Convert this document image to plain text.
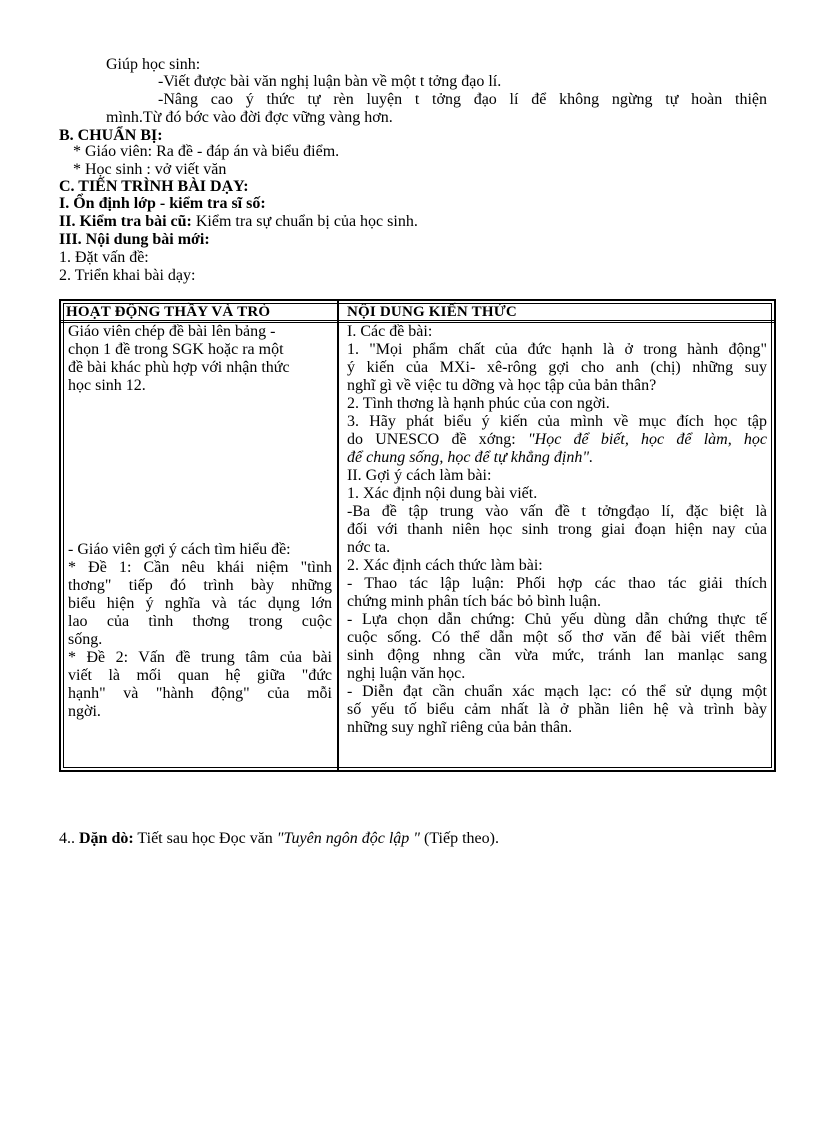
Giúp học sinh:
-Viết được bài văn nghị luận bàn về một t tởng đạo lí.
-Nâng cao ý thức tự rèn luyện t tởng đạo lí để không ngừng tự hoàn thiện
mình.Từ đó bớc vào đời đợc vững vàng hơn.
B. CHUẨN BỊ:
* Giáo viên: Ra đề - đáp án và biểu điểm.
* Học sinh : vở viết văn
C. TIẾN TRÌNH BÀI DẠY:
I. Ổn định lớp - kiểm tra sĩ số:
II. Kiểm tra bài cũ: Kiểm tra sự chuẩn bị của học sinh.
III. Nội dung bài mới:
1. Đặt vấn đề:
2. Triển khai bài dạy:
HOẠT ĐỘNG THẦY VÀ TRÒ	NỘI DUNG KIẾN THỨC

Giáo viên chép đề bài lên bảng -

chọn 1 đề trong SGK hoặc ra một

đề bài khác phù hợp với nhận thức

học sinh 12.

- Giáo viên gợi ý cách tìm hiểu đề:

* Đề 1: Cần nêu khái niệm "tình

thơng" tiếp đó trình bày những

biểu hiện ý nghĩa và tác dụng lớn

lao của tình thơng trong cuộc

sống.

* Đề 2: Vấn đề trung tâm của bài

viết là mối quan hệ giữa "đức

hạnh" và "hành động" của mỗi

ngời.

I. Các đề bài:

1. "Mọi phẩm chất của đức hạnh là ở trong hành động"

ý kiến của MXi- xê-rông gợi cho anh (chị) những suy

nghĩ gì về việc tu dỡng và học tập của bản thân?

2. Tình thơng là hạnh phúc của con ngời.

3. Hãy phát biểu ý kiến của mình về mục đích học tập

do UNESCO đề xớng: "Học để biết, học để làm, học

để chung sống, học để tự khẳng định".

II. Gợi ý cách làm bài:

1. Xác định nội dung bài viết.

-Ba đề tập trung vào vấn đề t tởngđạo lí, đặc biệt là

đối với thanh niên học sinh trong giai đoạn hiện nay của

nớc ta.

2. Xác định cách thức làm bài:

- Thao tác lập luận: Phối hợp các thao tác giải thích

chứng minh phân tích bác bỏ bình luận.

- Lựa chọn dẫn chứng: Chủ yếu dùng dẫn chứng thực tế

cuộc sống. Có thể dẫn một số thơ văn để bài viết thêm

sinh động nhng cần vừa mức, tránh lan manlạc sang

nghị luận văn học.

- Diễn đạt cần chuẩn xác mạch lạc: có thể sử dụng một

số yếu tố biểu cảm nhất là ở phần liên hệ và trình bày

những suy nghĩ riêng của bản thân.

4.. Dặn dò: Tiết sau học Đọc văn "Tuyên ngôn độc lập " (Tiếp theo).
